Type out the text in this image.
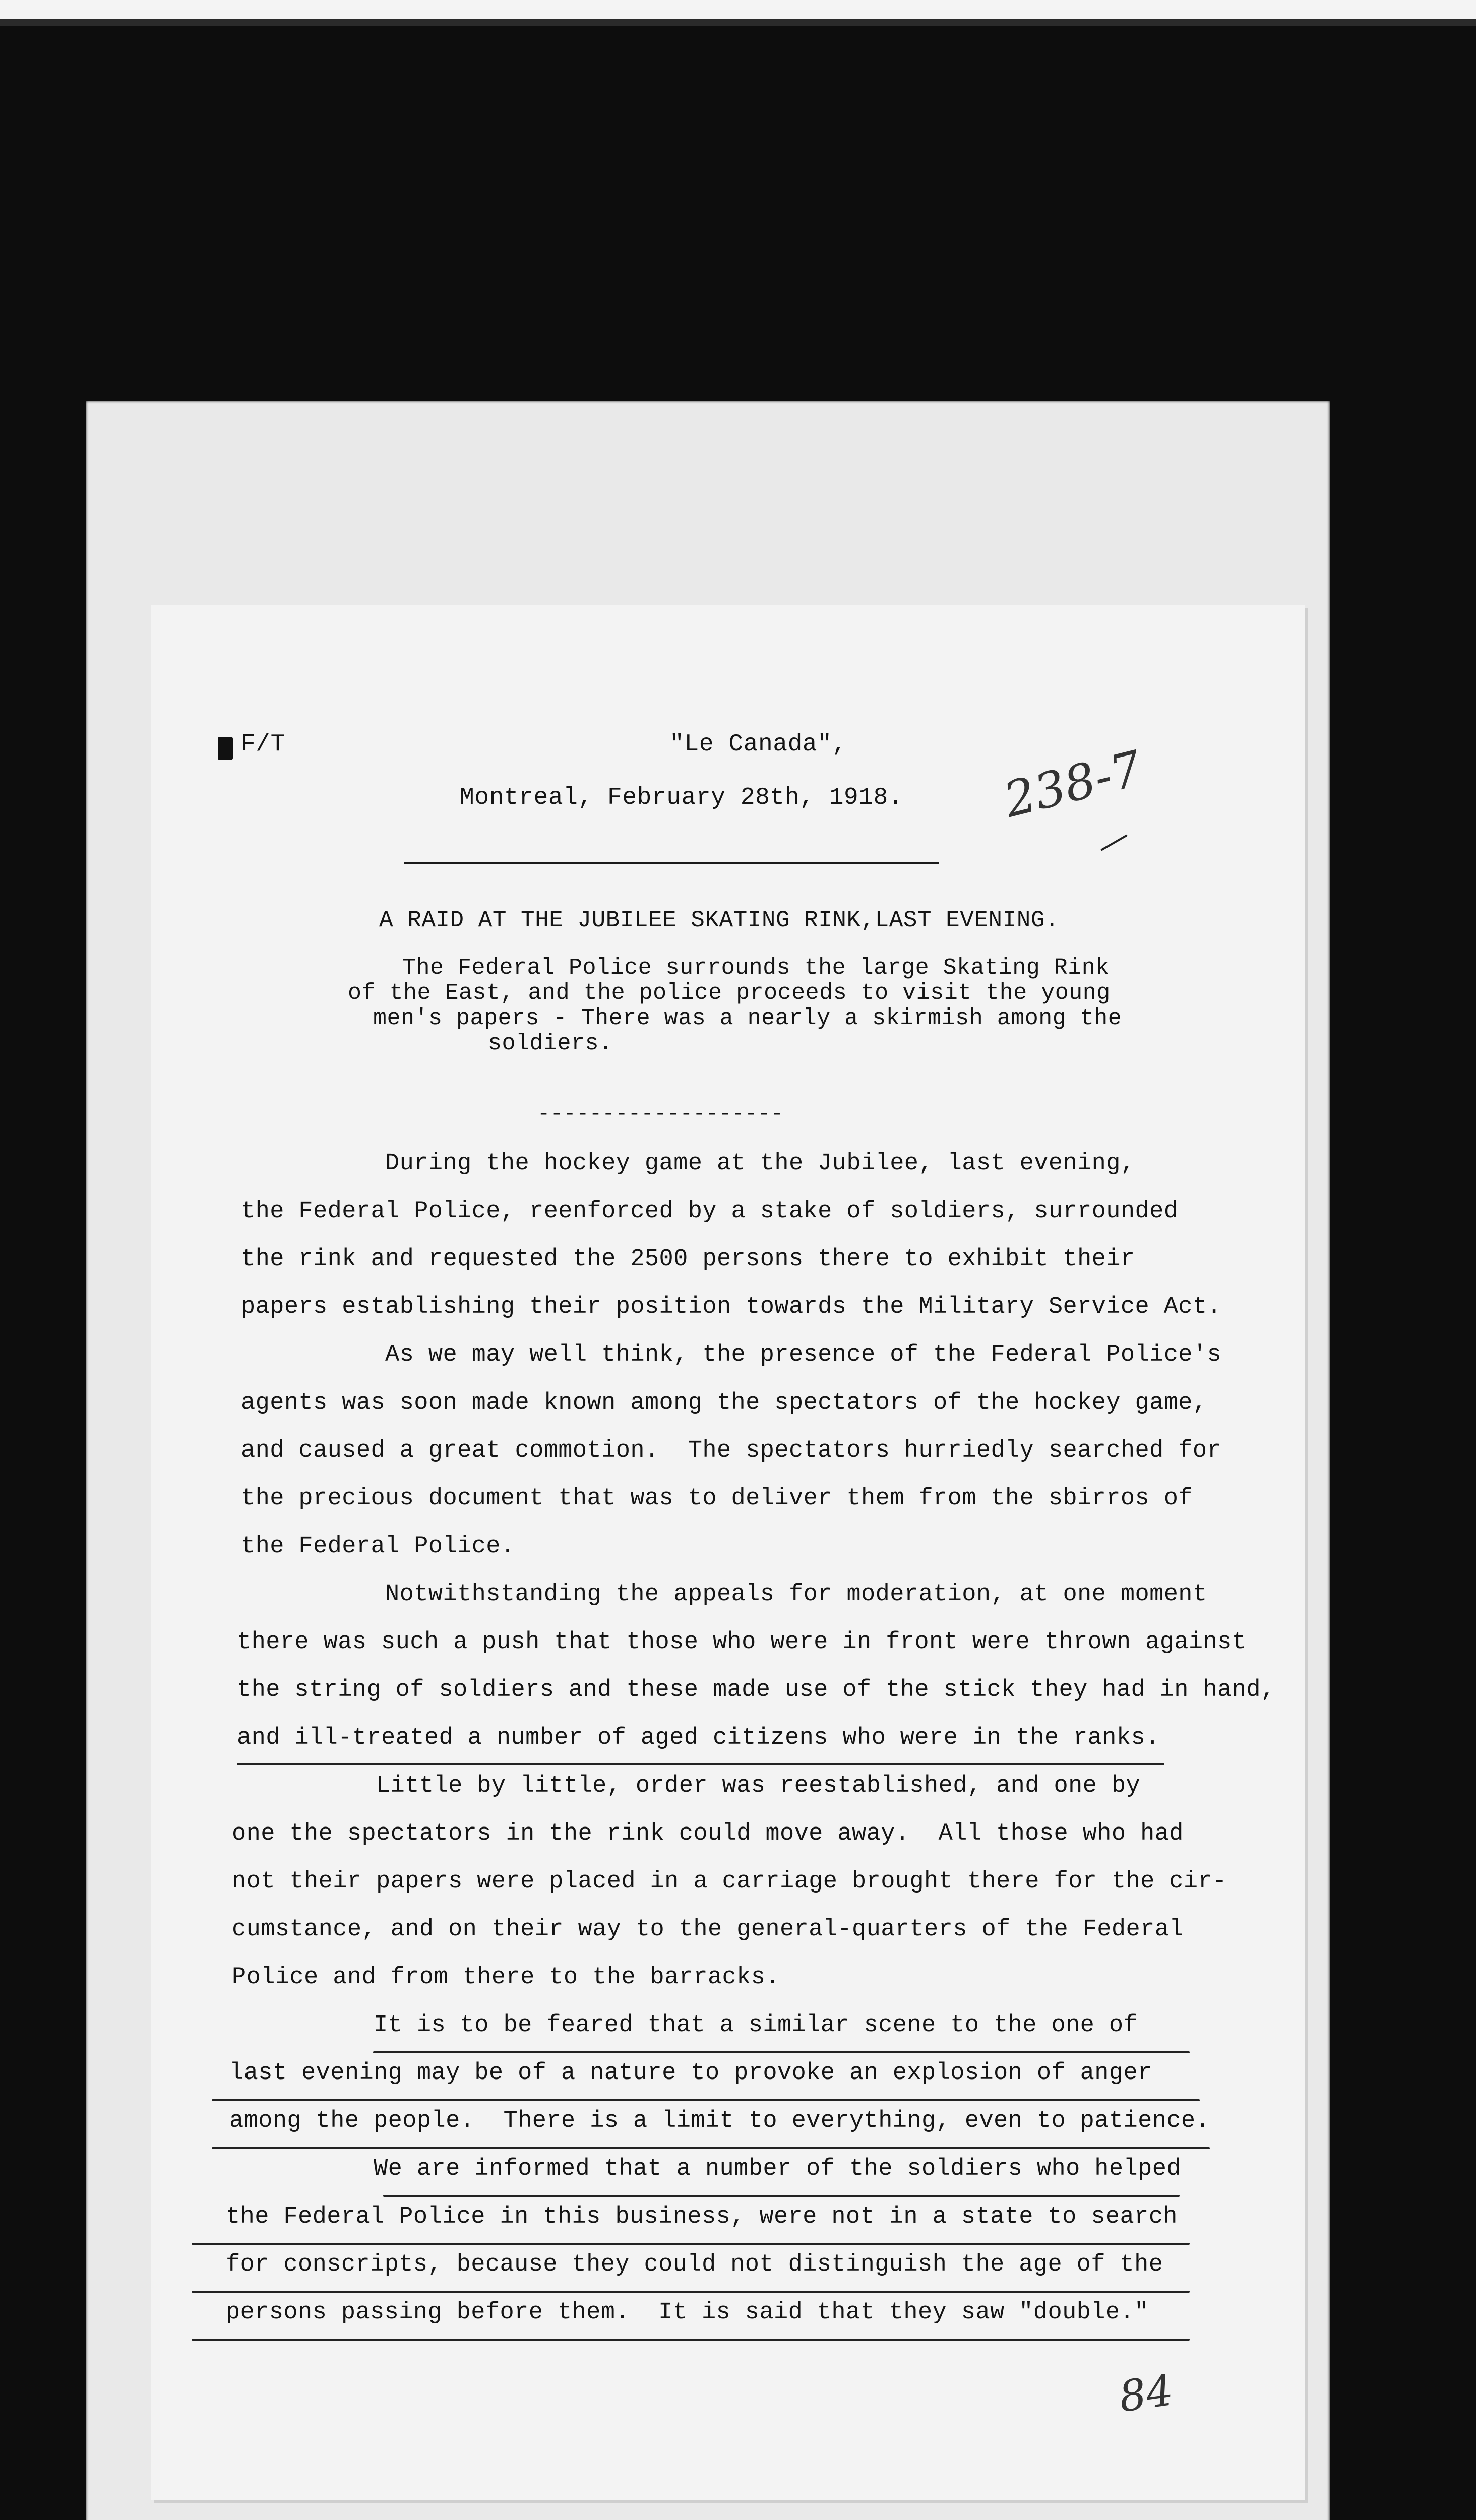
F/T	"Le Canada",
Montreal, February 28th, 1918. 238-7
A RAID AT THE JUBILEE SKATING RINK,LAST EVENING.
The Federal Police surrounds the large Skating Rink
of the East, and the police proceeds to visit the young
men's papers - There was a nearly a skirmish among the
soldiers.
-------------------
During the hockey game at the Jubilee, last evening,
the Federal Police, reenforced by a stake of soldiers, surrounded
the rink and requested the 2500 persons there to exhibit their
papers establishing their position towards the Military Service Act.
As we may well think, the presence of the Federal Police's
agents was soon made known among the spectators of the hockey game,
and caused a great commotion.  The spectators hurriedly searched for
the precious document that was to deliver them from the sbirros of
the Federal Police.
Notwithstanding the appeals for moderation, at one moment
there was such a push that those who were in front were thrown against
the string of soldiers and these made use of the stick they had in hand,
and ill-treated a number of aged citizens who were in the ranks.
Little by little, order was reestablished, and one by
one the spectators in the rink could move away.  All those who had
not their papers were placed in a carriage brought there for the cir-
cumstance, and on their way to the general-quarters of the Federal
Police and from there to the barracks.
It is to be feared that a similar scene to the one of
last evening may be of a nature to provoke an explosion of anger
among the people.  There is a limit to everything, even to patience.
We are informed that a number of the soldiers who helped
the Federal Police in this business, were not in a state to search
for conscripts, because they could not distinguish the age of the
persons passing before them.  It is said that they saw "double."
84
